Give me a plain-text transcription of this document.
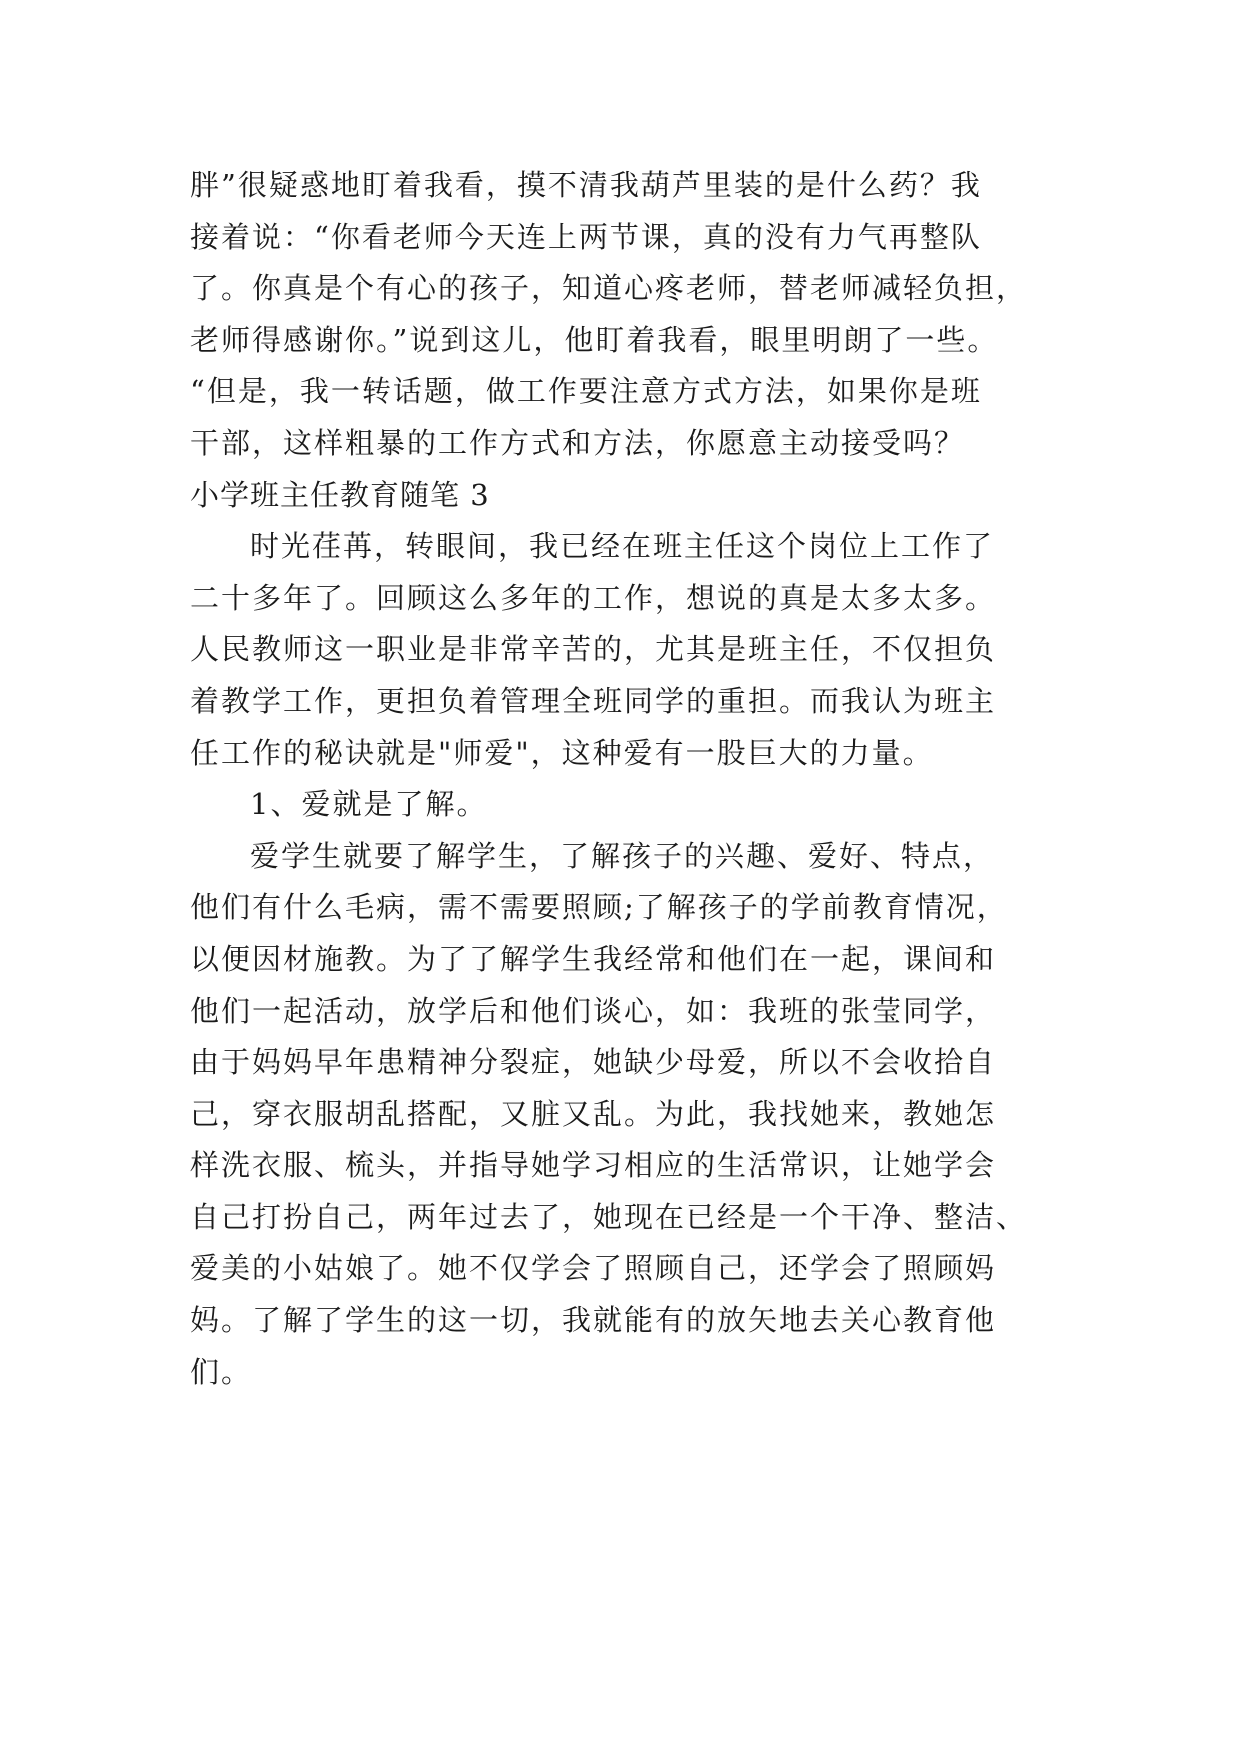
胖”很疑惑地盯着我看，摸不清我葫芦里装的是什么药？我
接着说：“你看老师今天连上两节课，真的没有力气再整队
了。你真是个有心的孩子，知道心疼老师，替老师减轻负担，
老师得感谢你。”说到这儿，他盯着我看，眼里明朗了一些。
“但是，我一转话题，做工作要注意方式方法，如果你是班
干部，这样粗暴的工作方式和方法，你愿意主动接受吗？
小学班主任教育随笔 3
时光荏苒，转眼间，我已经在班主任这个岗位上工作了
二十多年了。回顾这么多年的工作，想说的真是太多太多。
人民教师这一职业是非常辛苦的，尤其是班主任，不仅担负
着教学工作，更担负着管理全班同学的重担。而我认为班主
任工作的秘诀就是"师爱"，这种爱有一股巨大的力量。
1、爱就是了解。
爱学生就要了解学生，了解孩子的兴趣、爱好、特点，
他们有什么毛病，需不需要照顾;了解孩子的学前教育情况，
以便因材施教。为了了解学生我经常和他们在一起，课间和
他们一起活动，放学后和他们谈心，如：我班的张莹同学，
由于妈妈早年患精神分裂症，她缺少母爱，所以不会收拾自
己，穿衣服胡乱搭配，又脏又乱。为此，我找她来，教她怎
样洗衣服、梳头，并指导她学习相应的生活常识，让她学会
自己打扮自己，两年过去了，她现在已经是一个干净、整洁、
爱美的小姑娘了。她不仅学会了照顾自己，还学会了照顾妈
妈。了解了学生的这一切，我就能有的放矢地去关心教育他
们。
